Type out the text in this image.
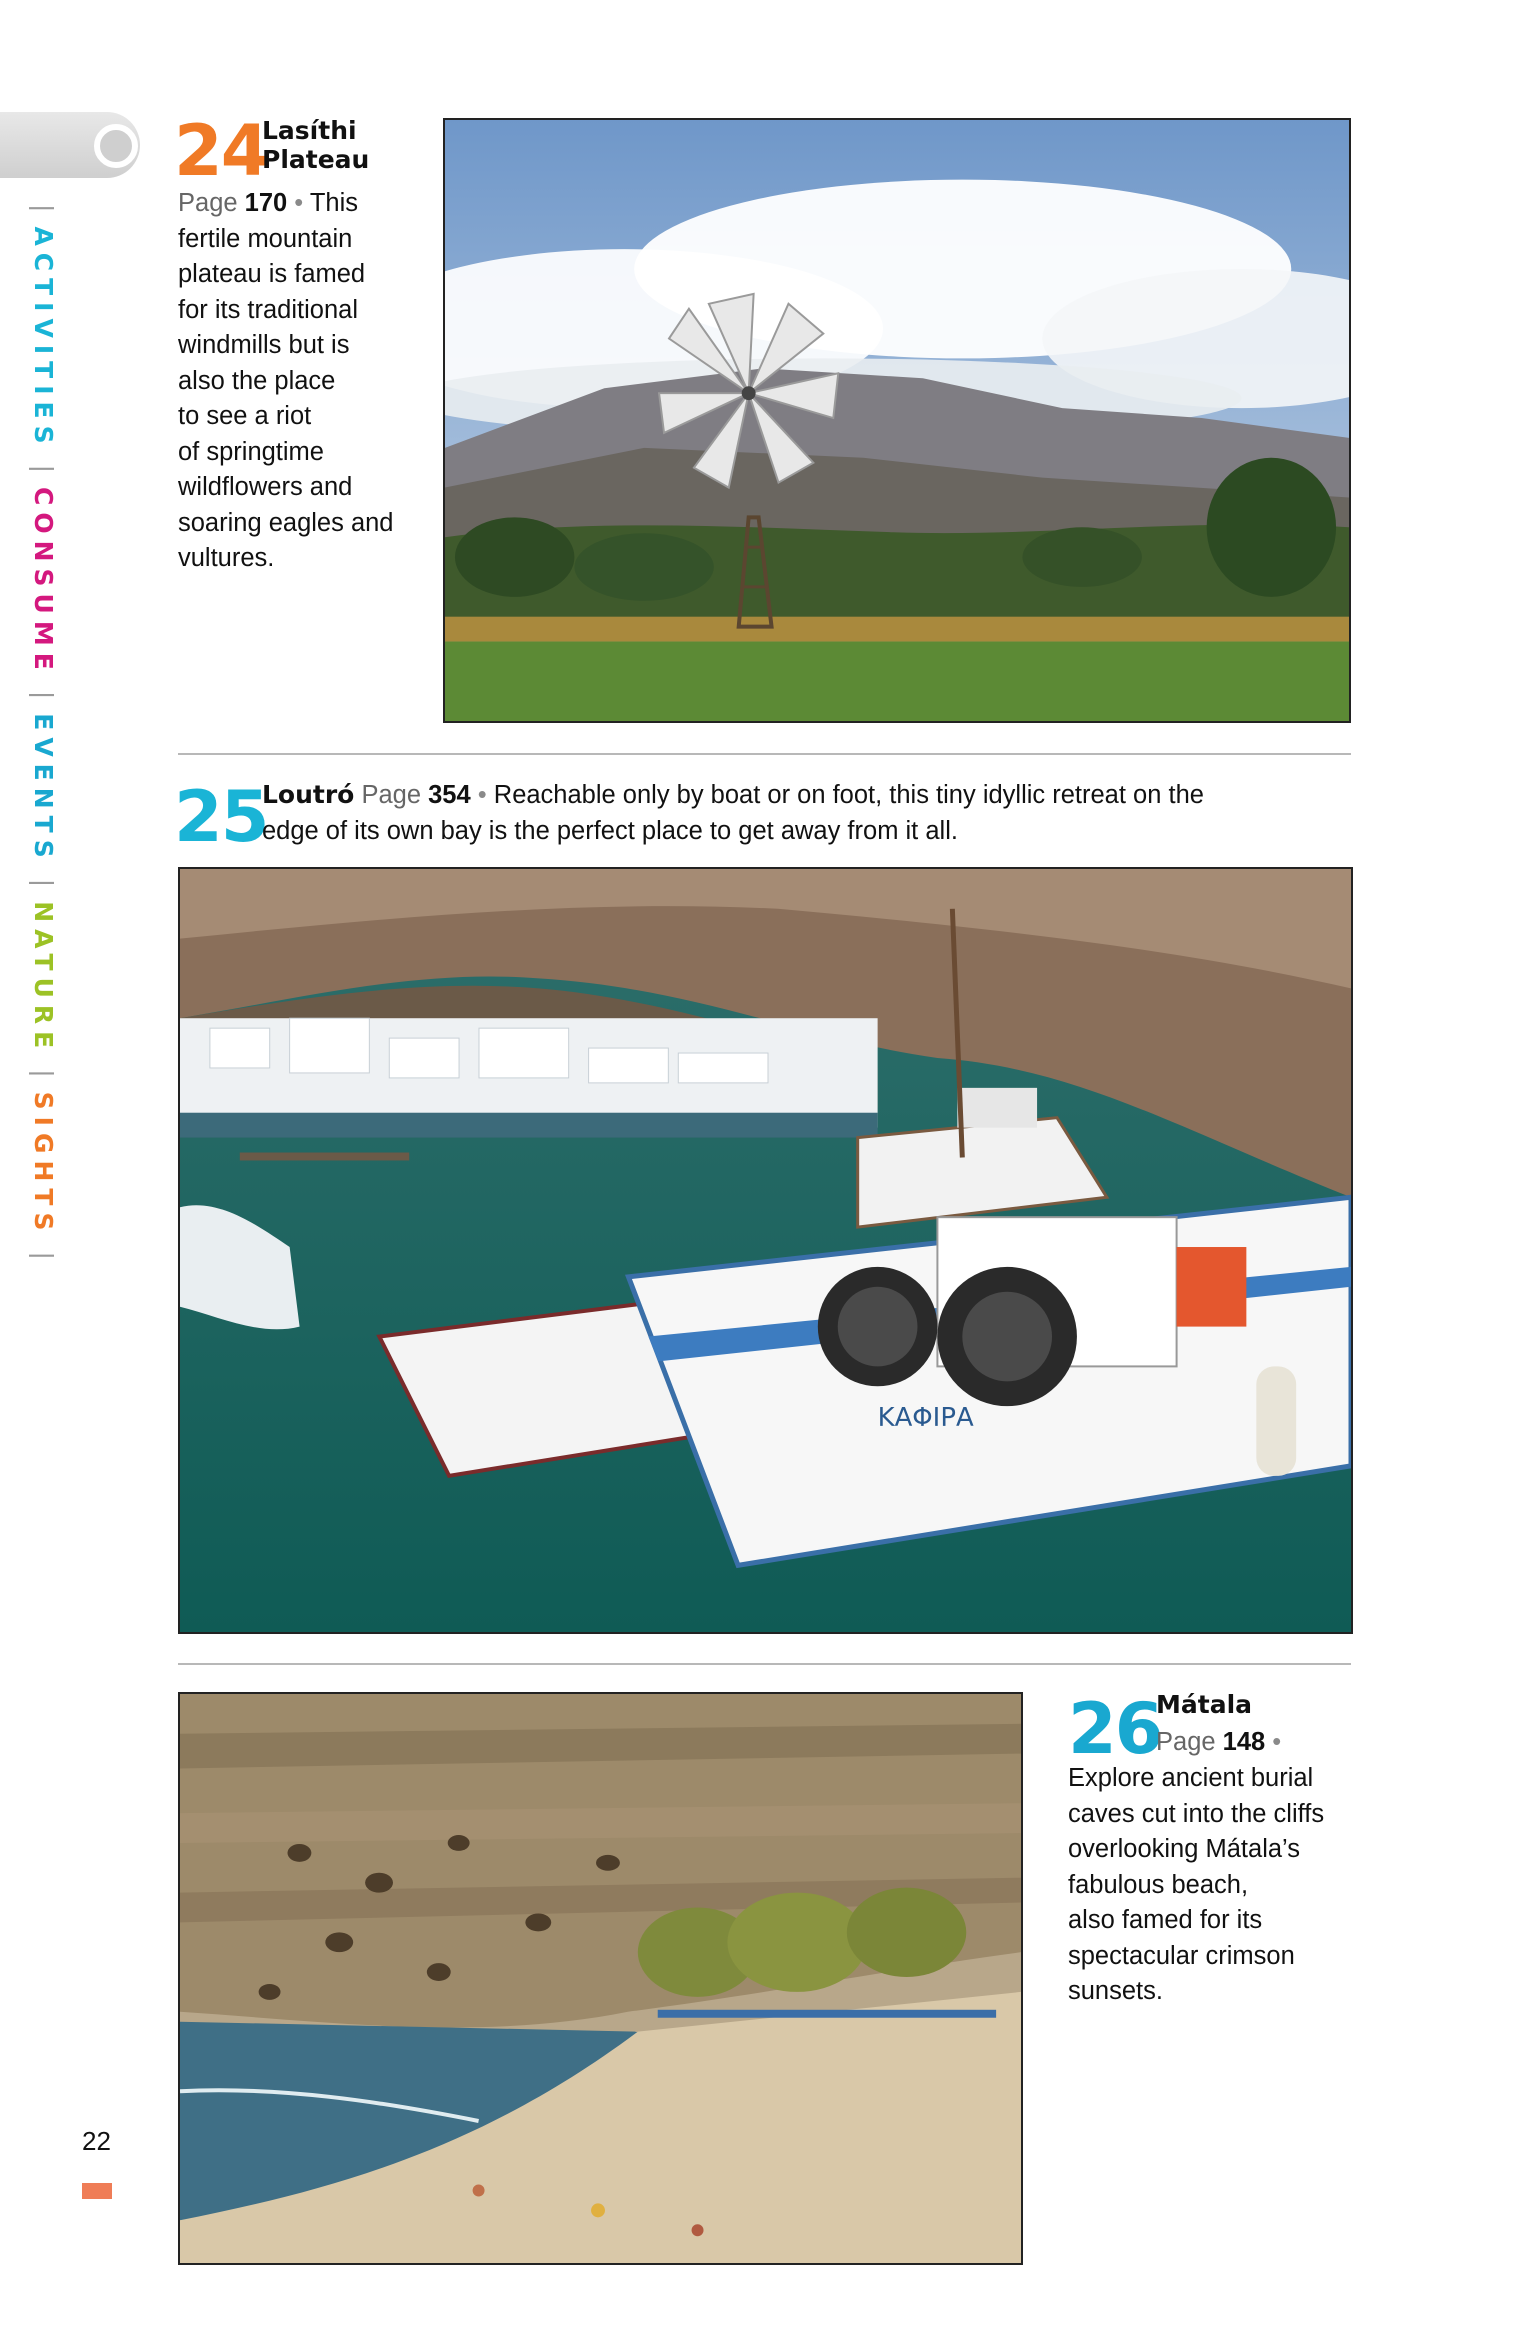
|ACTIVITIES|CONSUME|EVENTS|NATURE|SIGHTS|
24
Lasíthi
Plateau
Page 170 • This
fertile mountain
plateau is famed
for its traditional
windmills but is
also the place
to see a riot
of springtime
wildflowers and
soaring eagles and
vultures.
25
Loutró Page 354 • Reachable only by boat or on foot, this tiny idyllic retreat on the
edge of its own bay is the perfect place to get away from it all.
ΚΑΦΙΡΑ
26
Mátala
Page 148 •
Explore ancient burial
caves cut into the cliffs
overlooking Mátala’s
fabulous beach,
also famed for its
spectacular crimson
sunsets.
22
